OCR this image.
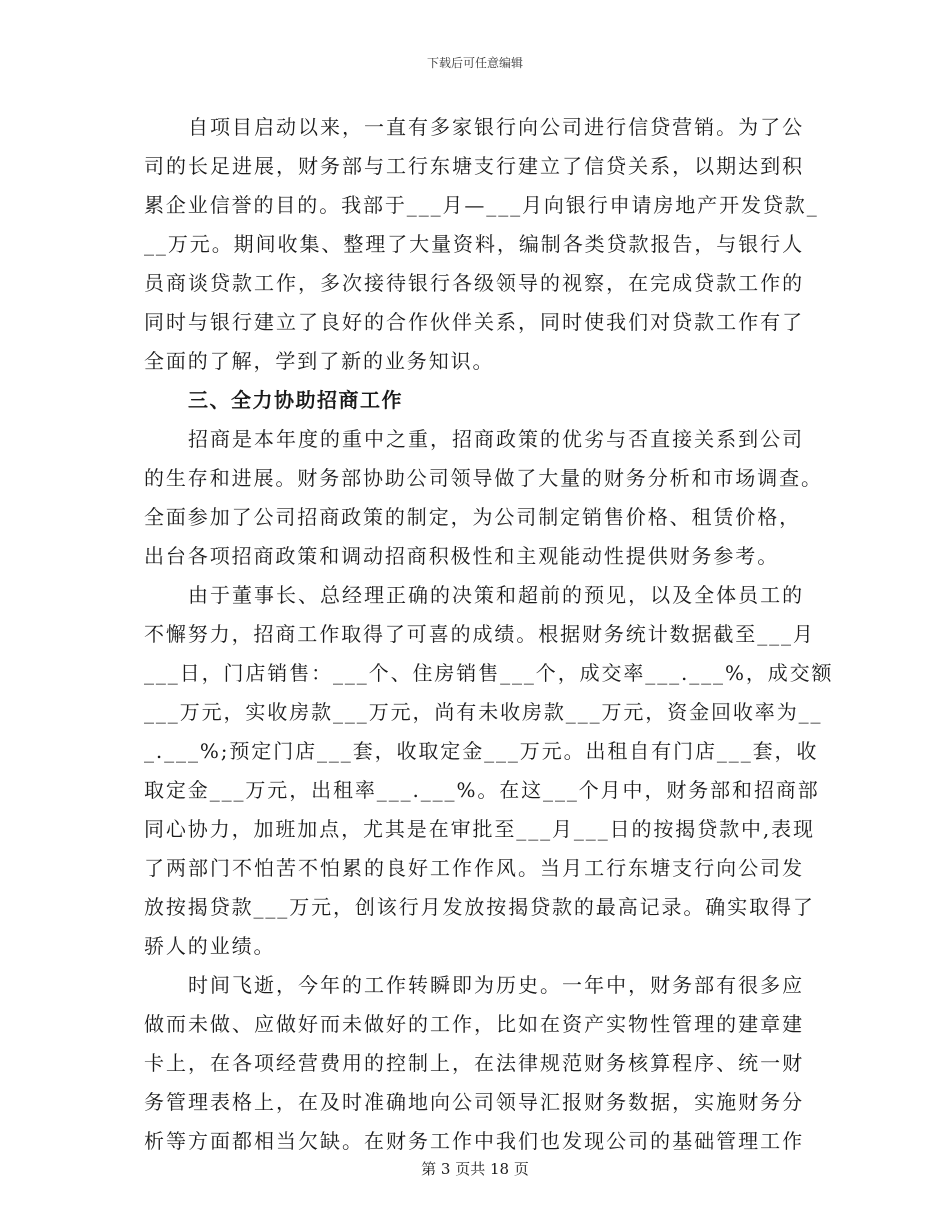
下载后可任意编辑
自项目启动以来，一直有多家银行向公司进行信贷营销。为了公
司的长足进展，财务部与工行东塘支行建立了信贷关系，以期达到积
累企业信誉的目的。我部于___月—___月向银行申请房地产开发贷款_
__万元。期间收集、整理了大量资料，编制各类贷款报告，与银行人
员商谈贷款工作，多次接待银行各级领导的视察，在完成贷款工作的
同时与银行建立了良好的合作伙伴关系，同时使我们对贷款工作有了
全面的了解，学到了新的业务知识。
三、全力协助招商工作
招商是本年度的重中之重，招商政策的优劣与否直接关系到公司
的生存和进展。财务部协助公司领导做了大量的财务分析和市场调查。
全面参加了公司招商政策的制定，为公司制定销售价格、租赁价格，
出台各项招商政策和调动招商积极性和主观能动性提供财务参考。
由于董事长、总经理正确的决策和超前的预见，以及全体员工的
不懈努力，招商工作取得了可喜的成绩。根据财务统计数据截至___月
___日，门店销售：___个、住房销售___个，成交率___.___%，成交额
___万元，实收房款___万元，尚有未收房款___万元，资金回收率为__
_.___%;预定门店___套，收取定金___万元。出租自有门店___套，收
取定金___万元，出租率___.___%。在这___个月中，财务部和招商部
同心协力，加班加点，尤其是在审批至___月___日的按揭贷款中,表现
了两部门不怕苦不怕累的良好工作作风。当月工行东塘支行向公司发
放按揭贷款___万元，创该行月发放按揭贷款的最高记录。确实取得了
骄人的业绩。
时间飞逝，今年的工作转瞬即为历史。一年中，财务部有很多应
做而未做、应做好而未做好的工作，比如在资产实物性管理的建章建
卡上，在各项经营费用的控制上，在法律规范财务核算程序、统一财
务管理表格上，在及时准确地向公司领导汇报财务数据，实施财务分
析等方面都相当欠缺。在财务工作中我们也发现公司的基础管理工作
第 3 页共 18 页
